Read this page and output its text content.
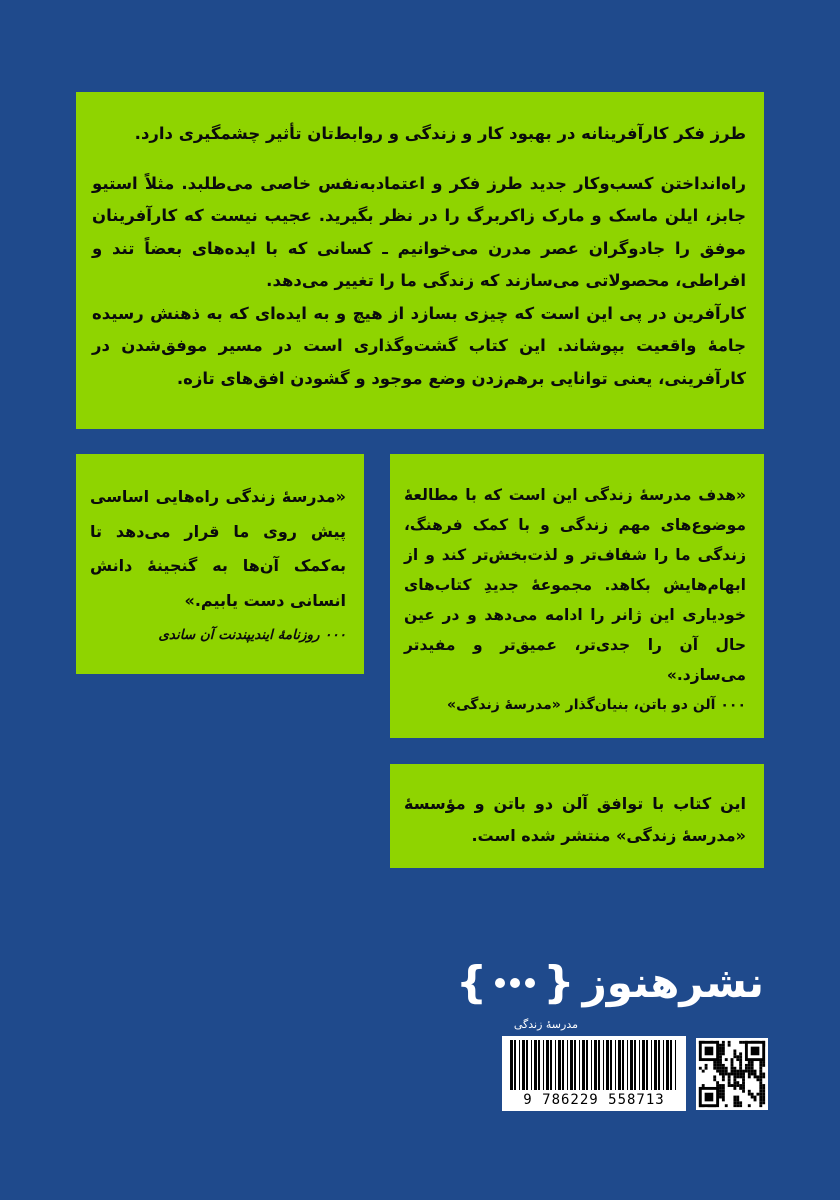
طرز فکر کارآفرینانه در بهبود کار و زندگی و روابط‌تان تأثیر چشمگیری دارد.

راه‌انداختن کسب‌وکار جدید طرز فکر و اعتمادبه‌نفس خاصی می‌طلبد. مثلاً استیو جابز، ایلن ماسک و مارک زاکربرگ را در نظر بگیرید. عجیب نیست که کارآفرینان موفق را جادوگران عصر مدرن می‌خوانیم ـ کسانی که با ایده‌های بعضاً تند و افراطی، محصولاتی می‌سازند که زندگی ما را تغییر می‌دهد.

کارآفرین در پی این است که چیزی بسازد از هیچ و به ایده‌ای که به ذهنش رسیده جامهٔ واقعیت بپوشاند. این کتاب گشت‌وگذاری است در مسیر موفق‌شدن در کارآفرینی، یعنی توانایی برهم‌زدن وضع موجود و گشودن افق‌های تازه.

«مدرسهٔ زندگی راه‌هایی اساسی پیش روی ما قرار می‌دهد تا به‌کمک آن‌ها به گنجینهٔ دانش انسانی دست یابیم.»

۰۰۰ روزنامهٔ ایندیپندنت آن ساندی

«هدف مدرسهٔ زندگی این است که با مطالعهٔ موضوع‌های مهم زندگی و با کمک فرهنگ، زندگی ما را شفاف‌تر و لذت‌بخش‌تر کند و از ابهام‌هایش بکاهد. مجموعهٔ جدیدِ کتاب‌های خودیاری این ژانر را ادامه می‌دهد و در عین حال آن را جدی‌تر، عمیق‌تر و مفیدتر می‌سازد.»

۰۰۰ آلن دو باتن، بنیان‌گذار «مدرسهٔ زندگی»

این کتاب با توافق آلن دو باتن و مؤسسهٔ «مدرسهٔ زندگی» منتشر شده است.

نشرهنوز
{
}
مدرسهٔ زندگی
9 786229 558713
